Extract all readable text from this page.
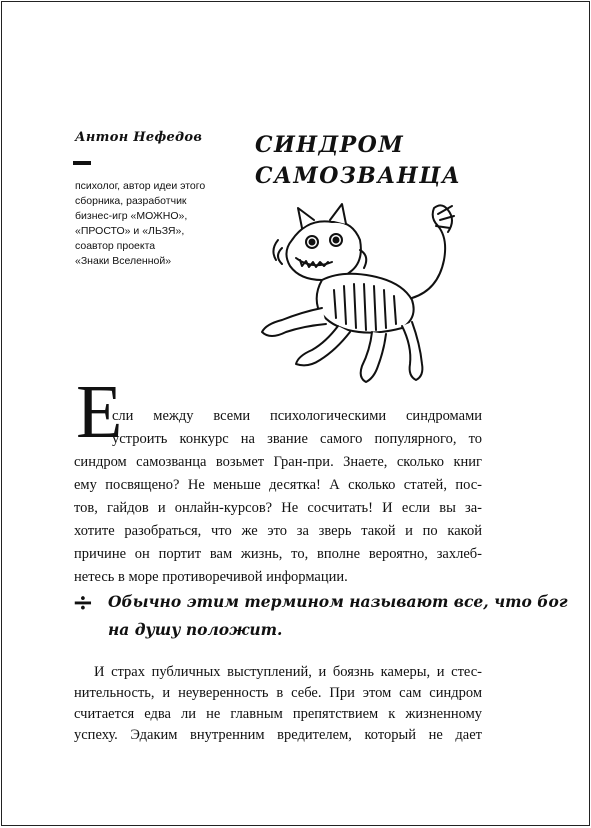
Антон Нефедов
психолог, автор идеи этого
сборника, разработчик
бизнес-игр «МОЖНО»,
«ПРОСТО» и «ЛЬЗЯ»,
соавтор проекта
«Знаки Вселенной»
СИНДРОМ
САМОЗВАНЦА
Е
сли между всеми психологическими синдромами
устроить конкурс на звание самого популярного, то
синдром самозванца возьмет Гран-при. Знаете, сколько книг
ему посвящено? Не меньше десятка! А сколько статей, пос-
тов, гайдов и онлайн-курсов? Не сосчитать! И если вы за-
хотите разобраться, что же это за зверь такой и по какой
причине он портит вам жизнь, то, вполне вероятно, захлеб-
нетесь в море противоречивой информации.
÷ Обычно этим термином называют все, что бог
на душу положит.
И страх публичных выступлений, и боязнь камеры, и стес-
нительность, и неуверенность в себе. При этом сам синдром
считается едва ли не главным препятствием к жизненному
успеху. Эдаким внутренним вредителем, который не дает
